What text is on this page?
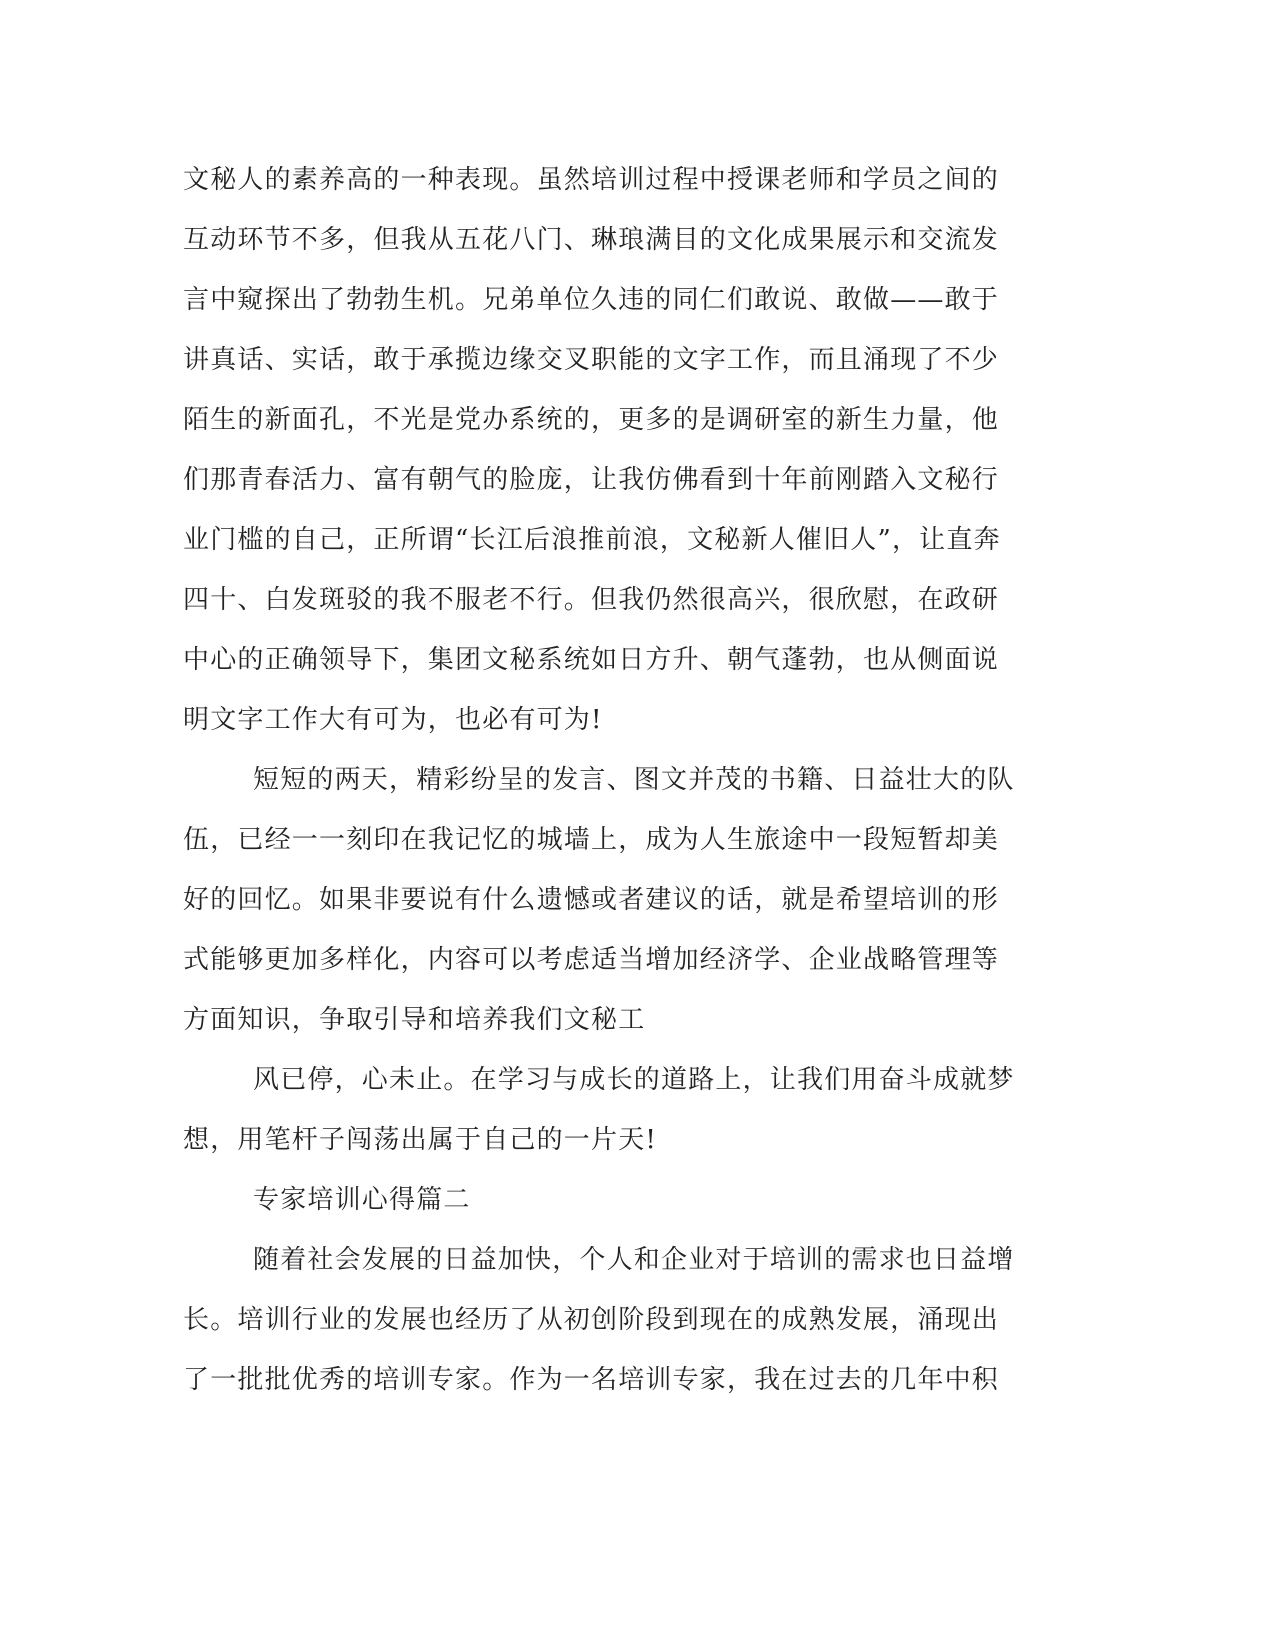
文秘人的素养高的一种表现。虽然培训过程中授课老师和学员之间的
互动环节不多，但我从五花八门、琳琅满目的文化成果展示和交流发
言中窥探出了勃勃生机。兄弟单位久违的同仁们敢说、敢做——敢于
讲真话、实话，敢于承揽边缘交叉职能的文字工作，而且涌现了不少
陌生的新面孔，不光是党办系统的，更多的是调研室的新生力量，他
们那青春活力、富有朝气的脸庞，让我仿佛看到十年前刚踏入文秘行
业门槛的自己，正所谓“长江后浪推前浪，文秘新人催旧人”，让直奔
四十、白发斑驳的我不服老不行。但我仍然很高兴，很欣慰，在政研
中心的正确领导下，集团文秘系统如日方升、朝气蓬勃，也从侧面说
明文字工作大有可为，也必有可为!
短短的两天，精彩纷呈的发言、图文并茂的书籍、日益壮大的队
伍，已经一一刻印在我记忆的城墙上，成为人生旅途中一段短暂却美
好的回忆。如果非要说有什么遗憾或者建议的话，就是希望培训的形
式能够更加多样化，内容可以考虑适当增加经济学、企业战略管理等
方面知识，争取引导和培养我们文秘工
风已停，心未止。在学习与成长的道路上，让我们用奋斗成就梦
想，用笔杆子闯荡出属于自己的一片天!
专家培训心得篇二
随着社会发展的日益加快，个人和企业对于培训的需求也日益增
长。培训行业的发展也经历了从初创阶段到现在的成熟发展，涌现出
了一批批优秀的培训专家。作为一名培训专家，我在过去的几年中积
